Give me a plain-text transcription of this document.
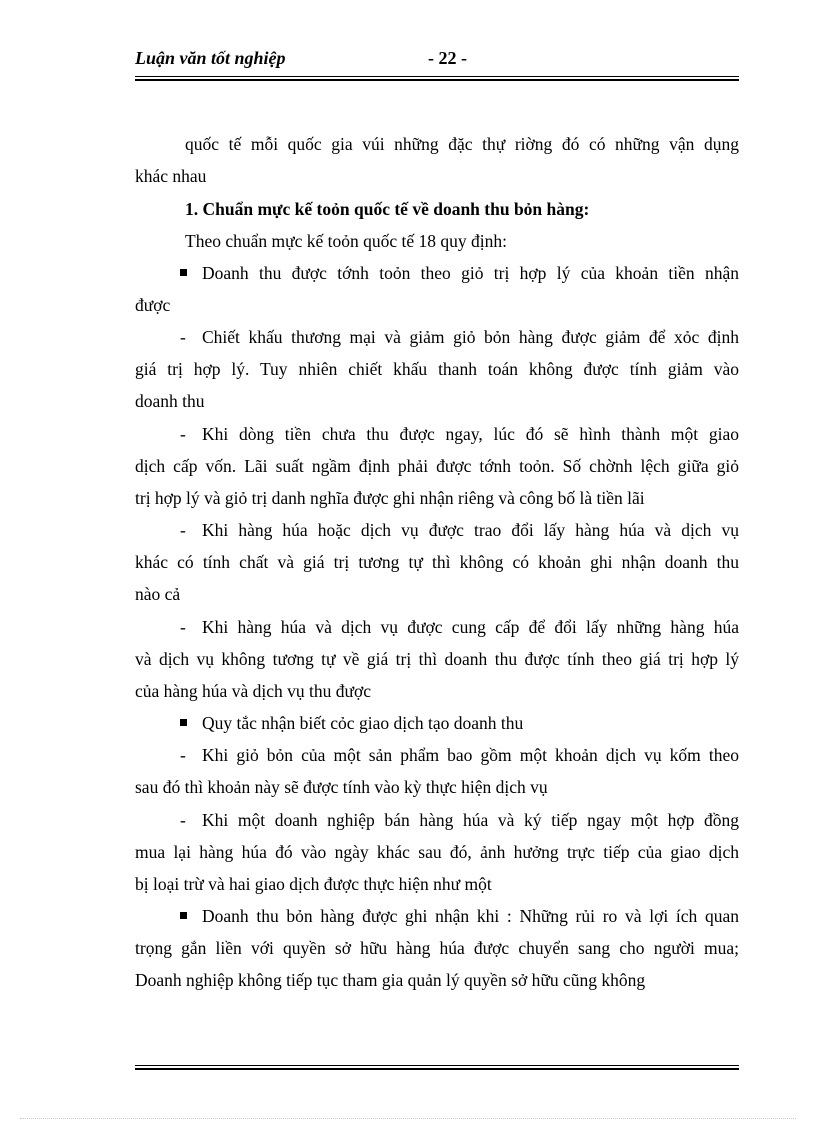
Luận văn tốt nghiệp	- 22 -
quốc tế mỗi quốc gia vúi những đặc thự riờng đó có những vận dụng
khác nhau
1. Chuẩn mực kế toỏn quốc tế về doanh thu bỏn hàng:
Theo chuẩn mực kế toỏn quốc tế 18 quy định:
Doanh thu được tớnh toỏn theo giỏ trị hợp lý của khoản tiền nhận
được
- Chiết khấu thương mại và giảm giỏ bỏn hàng được giảm để xỏc định
giá trị hợp lý. Tuy nhiên chiết khấu thanh toán không được tính giảm vào
doanh thu
- Khi dòng tiền chưa thu được ngay, lúc đó sẽ hình thành một giao
dịch cấp vốn. Lãi suất ngầm định phải được tớnh toỏn. Số chờnh lệch giữa giỏ
trị hợp lý và giỏ trị danh nghĩa được ghi nhận riêng và công bố là tiền lãi
- Khi hàng húa hoặc dịch vụ được trao đổi lấy hàng húa và dịch vụ
khác có tính chất và giá trị tương tự thì không có khoản ghi nhận doanh thu
nào cả
- Khi hàng húa và dịch vụ được cung cấp để đổi lấy những hàng húa
và dịch vụ không tương tự về giá trị thì doanh thu được tính theo giá trị hợp lý
của hàng húa và dịch vụ thu được
Quy tắc nhận biết cỏc giao dịch tạo doanh thu
- Khi giỏ bỏn của một sản phẩm bao gồm một khoản dịch vụ kốm theo
sau đó thì khoản này sẽ được tính vào kỳ thực hiện dịch vụ
- Khi một doanh nghiệp bán hàng húa và ký tiếp ngay một hợp đồng
mua lại hàng húa đó vào ngày khác sau đó, ảnh hưởng trực tiếp của giao dịch
bị loại trừ và hai giao dịch được thực hiện như một
Doanh thu bỏn hàng được ghi nhận khi : Những rủi ro và lợi ích quan
trọng gắn liền với quyền sở hữu hàng húa được chuyển sang cho người mua;
Doanh nghiệp không tiếp tục tham gia quản lý quyền sở hữu cũng không
